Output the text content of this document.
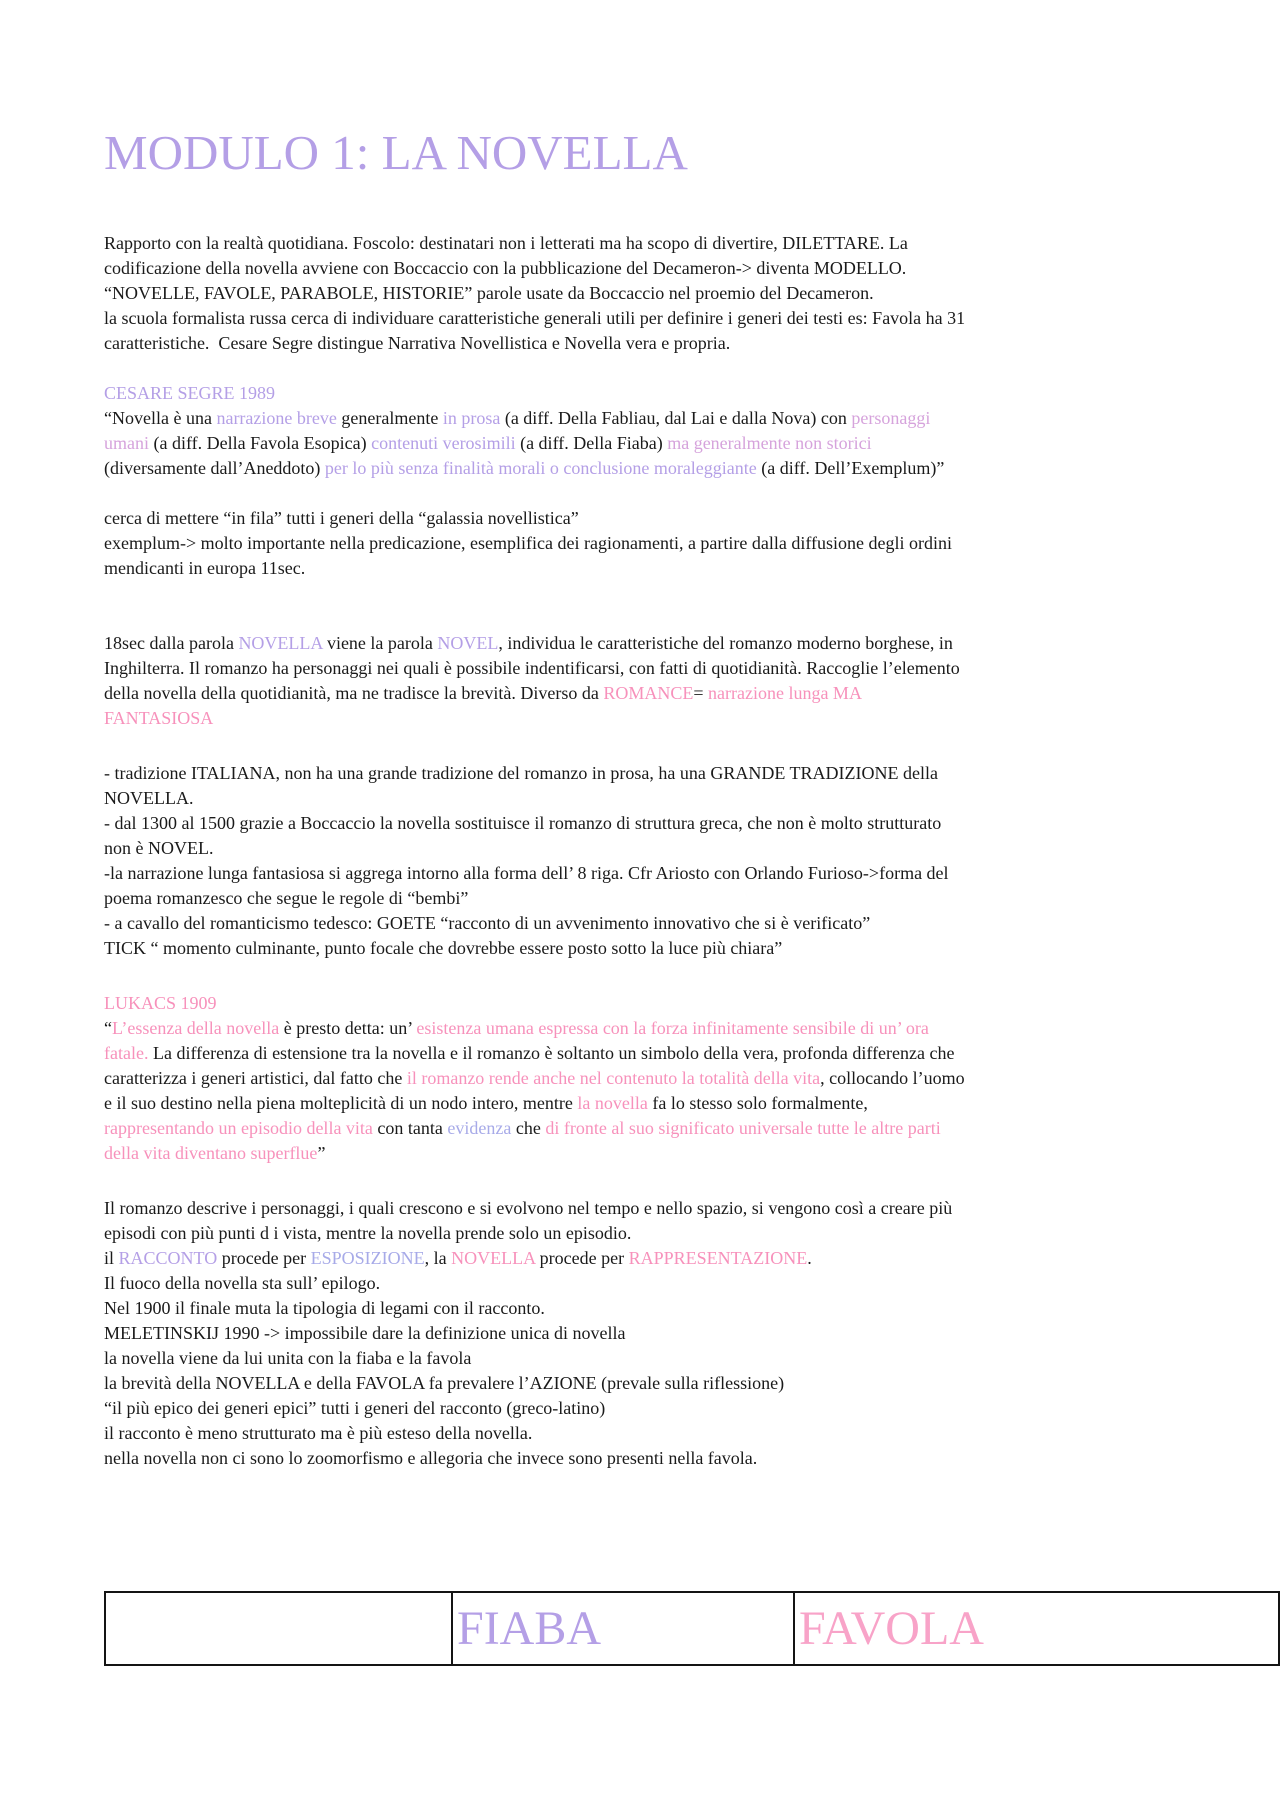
MODULO 1: LA NOVELLA
Rapporto con la realtà quotidiana. Foscolo: destinatari non i letterati ma ha scopo di divertire, DILETTARE. La
codificazione della novella avviene con Boccaccio con la pubblicazione del Decameron-> diventa MODELLO.
“NOVELLE, FAVOLE, PARABOLE, HISTORIE” parole usate da Boccaccio nel proemio del Decameron.
la scuola formalista russa cerca di individuare caratteristiche generali utili per definire i generi dei testi es: Favola ha 31
caratteristiche.  Cesare Segre distingue Narrativa Novellistica e Novella vera e propria.
CESARE SEGRE 1989
“Novella è una narrazione breve generalmente in prosa (a diff. Della Fabliau, dal Lai e dalla Nova) con personaggi
umani (a diff. Della Favola Esopica) contenuti verosimili (a diff. Della Fiaba) ma generalmente non storici
(diversamente dall’Aneddoto) per lo più senza finalità morali o conclusione moraleggiante (a diff. Dell’Exemplum)”
cerca di mettere “in fila” tutti i generi della “galassia novellistica”
exemplum-> molto importante nella predicazione, esemplifica dei ragionamenti, a partire dalla diffusione degli ordini
mendicanti in europa 11sec.
18sec dalla parola NOVELLA viene la parola NOVEL, individua le caratteristiche del romanzo moderno borghese, in
Inghilterra. Il romanzo ha personaggi nei quali è possibile indentificarsi, con fatti di quotidianità. Raccoglie l’elemento
della novella della quotidianità, ma ne tradisce la brevità. Diverso da ROMANCE= narrazione lunga MA
FANTASIOSA
- tradizione ITALIANA, non ha una grande tradizione del romanzo in prosa, ha una GRANDE TRADIZIONE della
NOVELLA.
- dal 1300 al 1500 grazie a Boccaccio la novella sostituisce il romanzo di struttura greca, che non è molto strutturato
non è NOVEL.
-la narrazione lunga fantasiosa si aggrega intorno alla forma dell’ 8 riga. Cfr Ariosto con Orlando Furioso->forma del
poema romanzesco che segue le regole di “bembi”
- a cavallo del romanticismo tedesco: GOETE “racconto di un avvenimento innovativo che si è verificato”
TICK “ momento culminante, punto focale che dovrebbe essere posto sotto la luce più chiara”
LUKACS 1909
“L’essenza della novella è presto detta: un’ esistenza umana espressa con la forza infinitamente sensibile di un’ ora
fatale. La differenza di estensione tra la novella e il romanzo è soltanto un simbolo della vera, profonda differenza che
caratterizza i generi artistici, dal fatto che il romanzo rende anche nel contenuto la totalità della vita, collocando l’uomo
e il suo destino nella piena molteplicità di un nodo intero, mentre la novella fa lo stesso solo formalmente,
rappresentando un episodio della vita con tanta evidenza che di fronte al suo significato universale tutte le altre parti
della vita diventano superflue”
Il romanzo descrive i personaggi, i quali crescono e si evolvono nel tempo e nello spazio, si vengono così a creare più
episodi con più punti d i vista, mentre la novella prende solo un episodio.
il RACCONTO procede per ESPOSIZIONE, la NOVELLA procede per RAPPRESENTAZIONE.
Il fuoco della novella sta sull’ epilogo.
Nel 1900 il finale muta la tipologia di legami con il racconto.
MELETINSKIJ 1990 -> impossibile dare la definizione unica di novella
la novella viene da lui unita con la fiaba e la favola
la brevità della NOVELLA e della FAVOLA fa prevalere l’AZIONE (prevale sulla riflessione)
“il più epico dei generi epici” tutti i generi del racconto (greco-latino)
il racconto è meno strutturato ma è più esteso della novella.
nella novella non ci sono lo zoomorfismo e allegoria che invece sono presenti nella favola.
FIABA	FAVOLA
